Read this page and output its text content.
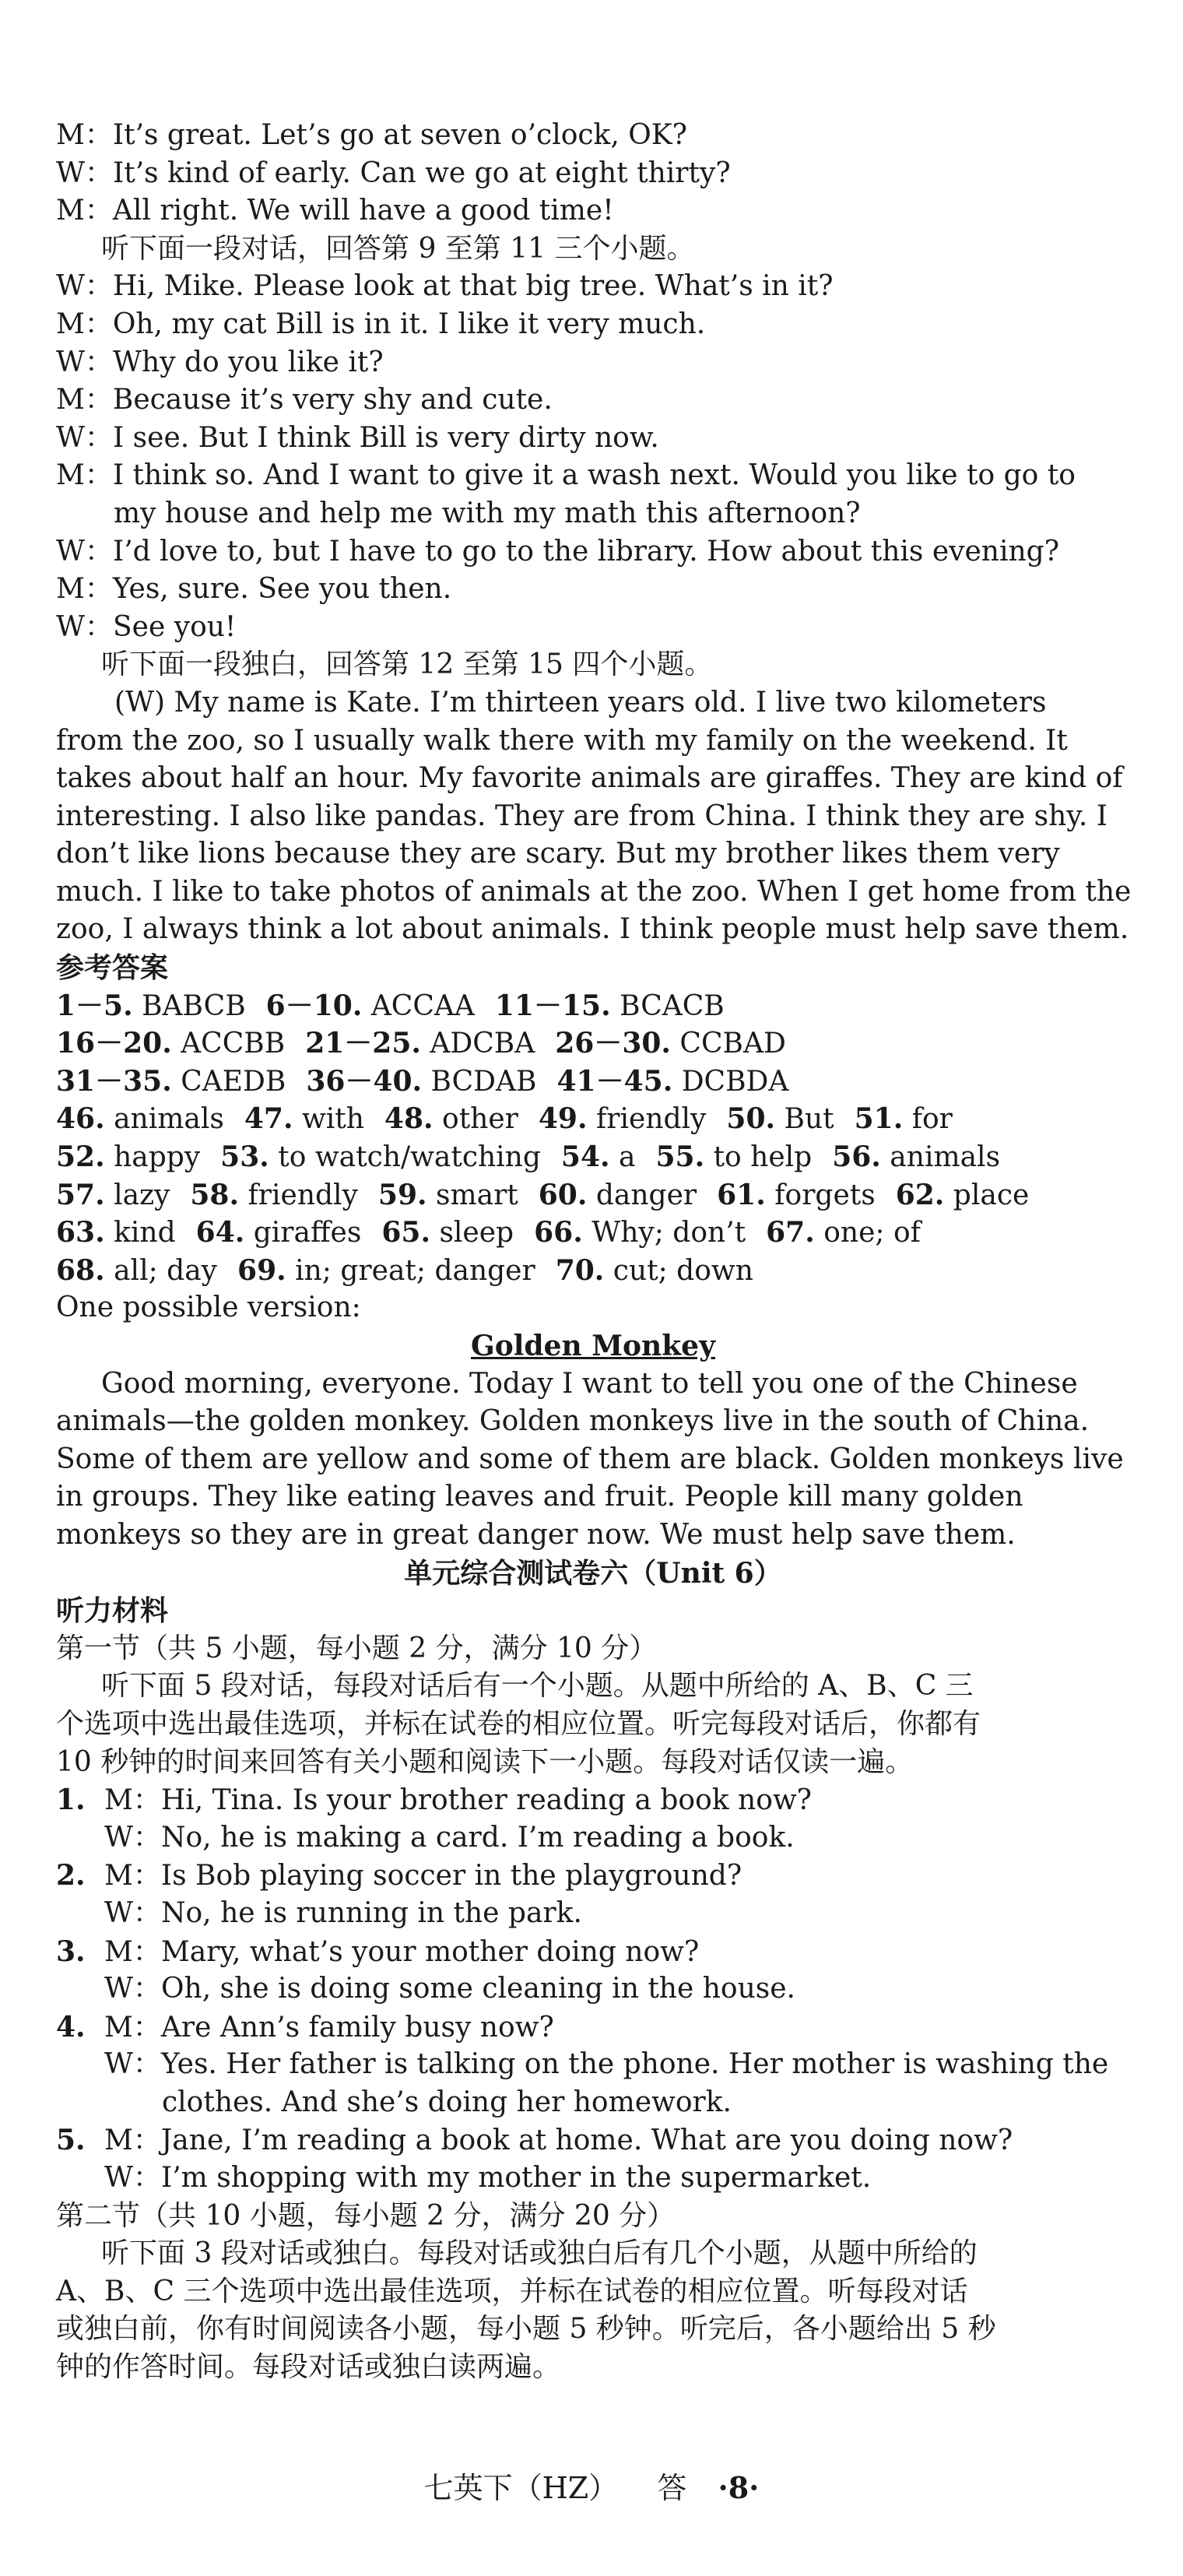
M：It’s great. Let’s go at seven o’clock, OK?
W：It’s kind of early. Can we go at eight thirty?
M：All right. We will have a good time!
听下面一段对话，回答第 9 至第 11 三个小题。
W：Hi, Mike. Please look at that big tree. What’s in it?
M：Oh, my cat Bill is in it. I like it very much.
W：Why do you like it?
M：Because it’s very shy and cute.
W：I see. But I think Bill is very dirty now.
M：I think so. And I want to give it a wash next. Would you like to go to
my house and help me with my math this afternoon?
W：I’d love to, but I have to go to the library. How about this evening?
M：Yes, sure. See you then.
W：See you!
听下面一段独白，回答第 12 至第 15 四个小题。
(W) My name is Kate. I’m thirteen years old. I live two kilometers
from the zoo, so I usually walk there with my family on the weekend. It
takes about half an hour. My favorite animals are giraffes. They are kind of
interesting. I also like pandas. They are from China. I think they are shy. I
don’t like lions because they are scary. But my brother likes them very
much. I like to take photos of animals at the zoo. When I get home from the
zoo, I always think a lot about animals. I think people must help save them.
参考答案
1－5. BABCB 6－10. ACCAA 11－15. BCACB
16－20. ACCBB 21－25. ADCBA 26－30. CCBAD
31－35. CAEDB 36－40. BCDAB 41－45. DCBDA
46. animals 47. with 48. other 49. friendly 50. But 51. for
52. happy 53. to watch/watching 54. a 55. to help 56. animals
57. lazy 58. friendly 59. smart 60. danger 61. forgets 62. place
63. kind 64. giraffes 65. sleep 66. Why; don’t 67. one; of
68. all; day 69. in; great; danger 70. cut; down
One possible version:
Golden Monkey
Good morning, everyone. Today I want to tell you one of the Chinese
animals—the golden monkey. Golden monkeys live in the south of China.
Some of them are yellow and some of them are black. Golden monkeys live
in groups. They like eating leaves and fruit. People kill many golden
monkeys so they are in great danger now. We must help save them.
单元综合测试卷六（Unit 6）
听力材料
第一节（共 5 小题，每小题 2 分，满分 10 分）
听下面 5 段对话，每段对话后有一个小题。从题中所给的 A、B、C 三
个选项中选出最佳选项，并标在试卷的相应位置。听完每段对话后，你都有
10 秒钟的时间来回答有关小题和阅读下一小题。每段对话仅读一遍。
1. M：Hi, Tina. Is your brother reading a book now?
W：No, he is making a card. I’m reading a book.
2. M：Is Bob playing soccer in the playground?
W：No, he is running in the park.
3. M：Mary, what’s your mother doing now?
W：Oh, she is doing some cleaning in the house.
4. M：Are Ann’s family busy now?
W：Yes. Her father is talking on the phone. Her mother is washing the
clothes. And she’s doing her homework.
5. M：Jane, I’m reading a book at home. What are you doing now?
W：I’m shopping with my mother in the supermarket.
第二节（共 10 小题，每小题 2 分，满分 20 分）
听下面 3 段对话或独白。每段对话或独白后有几个小题，从题中所给的
A、B、C 三个选项中选出最佳选项，并标在试卷的相应位置。听每段对话
或独白前，你有时间阅读各小题，每小题 5 秒钟。听完后，各小题给出 5 秒
钟的作答时间。每段对话或独白读两遍。
七英下（HZ） 答 ·8·
